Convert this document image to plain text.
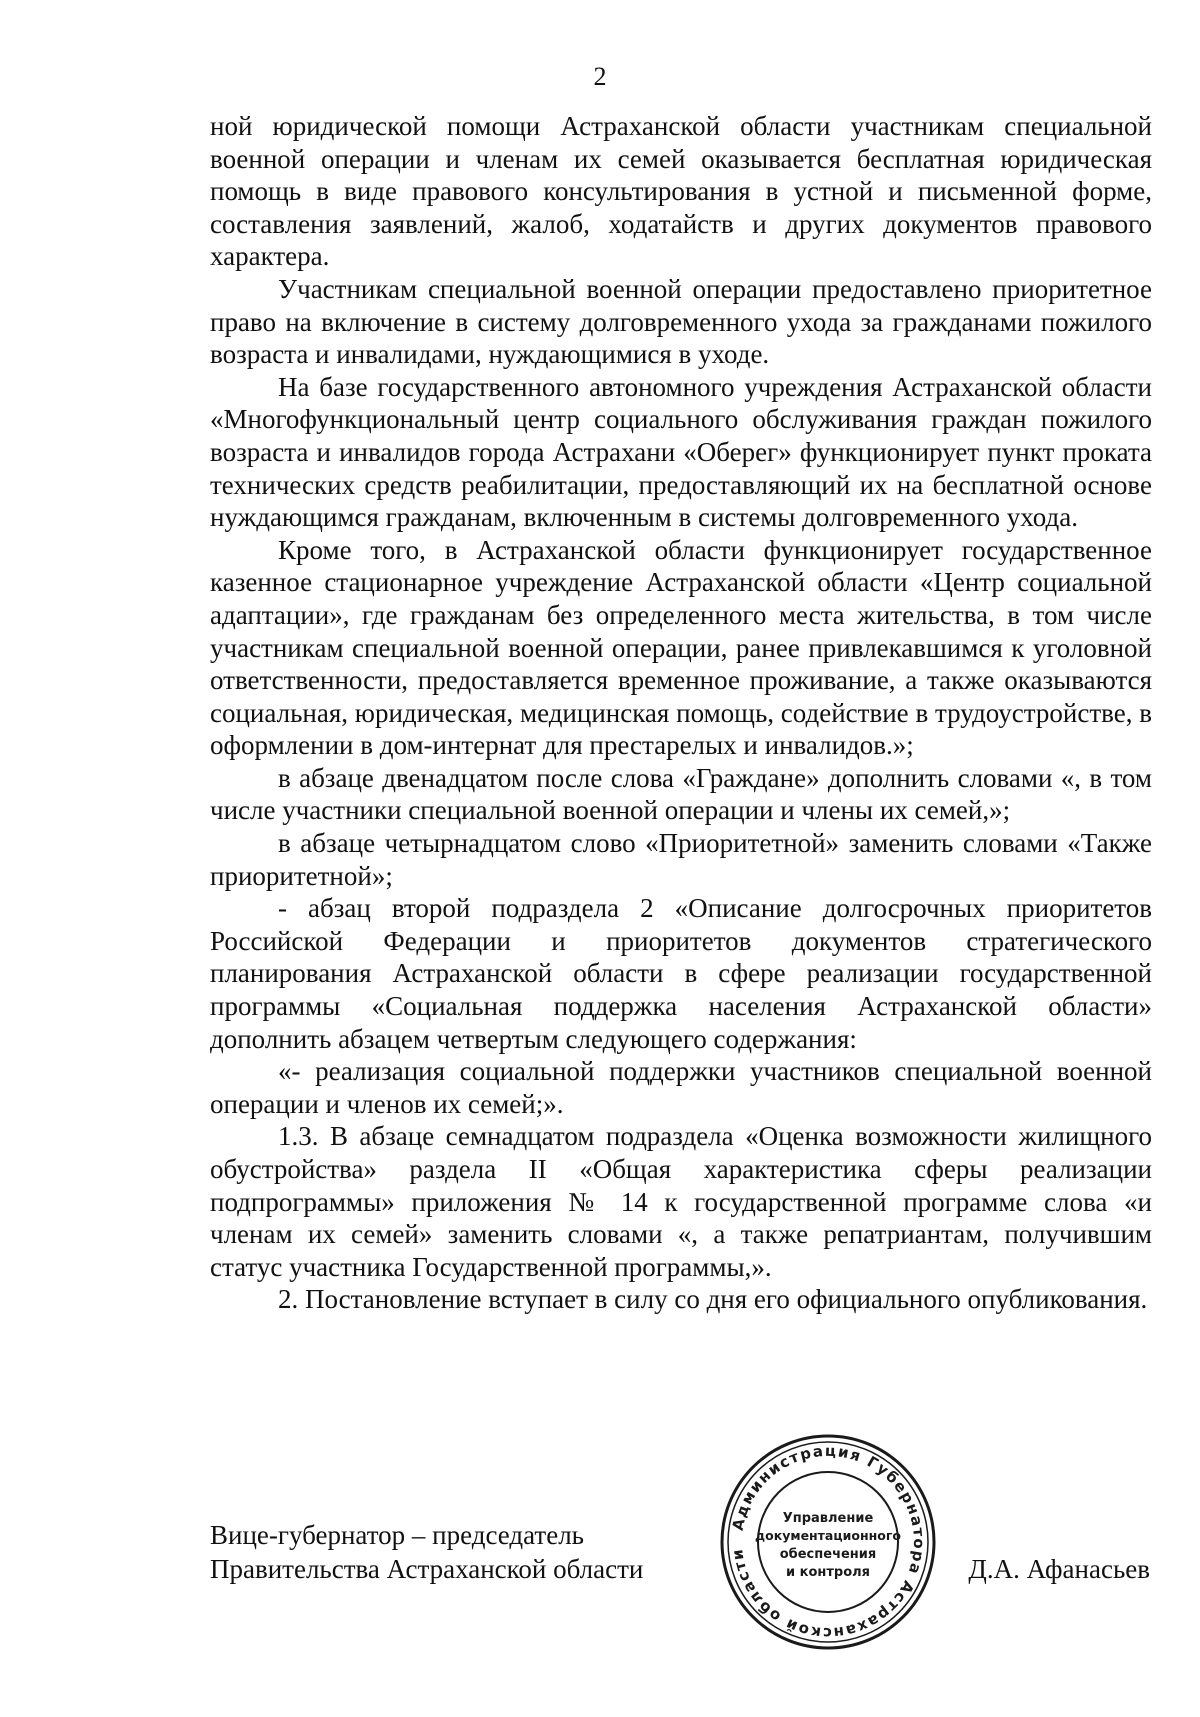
2

ной юридической помощи Астраханской области участникам специальной военной операции и членам их семей оказывается бесплатная юридическая помощь в виде правового консультирования в устной и письменной форме, составления заявлений, жалоб, ходатайств и других документов правового характера.

Участникам специальной военной операции предоставлено приоритетное право на включение в систему долговременного ухода за гражданами пожилого возраста и инвалидами, нуждающимися в уходе.

На базе государственного автономного учреждения Астраханской области «Многофункциональный центр социального обслуживания граждан пожилого возраста и инвалидов города Астрахани «Оберег» функционирует пункт проката технических средств реабилитации, предоставляющий их на бесплатной основе нуждающимся гражданам, включенным в системы долговременного ухода.

Кроме того, в Астраханской области функционирует государственное казенное стационарное учреждение Астраханской области «Центр социальной адаптации», где гражданам без определенного места жительства, в том числе участникам специальной военной операции, ранее привлекавшимся к уголовной ответственности, предоставляется временное проживание, а также оказываются социальная, юридическая, медицинская помощь, содействие в трудоустройстве, в оформлении в дом-интернат для престарелых и инвалидов.»;

в абзаце двенадцатом после слова «Граждане» дополнить словами «, в том числе участники специальной военной операции и члены их семей,»;

в абзаце четырнадцатом слово «Приоритетной» заменить словами «Также приоритетной»;

- абзац второй подраздела 2 «Описание долгосрочных приоритетов Российской Федерации и приоритетов документов стратегического планирования Астраханской области в сфере реализации государственной программы «Социальная поддержка населения Астраханской области» дополнить абзацем четвертым следующего содержания:

«- реализация социальной поддержки участников специальной военной операции и членов их семей;».

1.3. В абзаце семнадцатом подраздела «Оценка возможности жилищного обустройства» раздела II «Общая характеристика сферы реализации подпрограммы» приложения № 14 к государственной программе слова «и членам их семей» заменить словами «, а также репатриантам, получившим статус участника Государственной программы,».

2. Постановление вступает в силу со дня его официального опубликования.

Вице-губернатор – председатель
Правительства Астраханской области
Администрация Губернатора Астраханской области
Управление
документационного
обеспечения
и контроля	Д.А. Афанасьев
